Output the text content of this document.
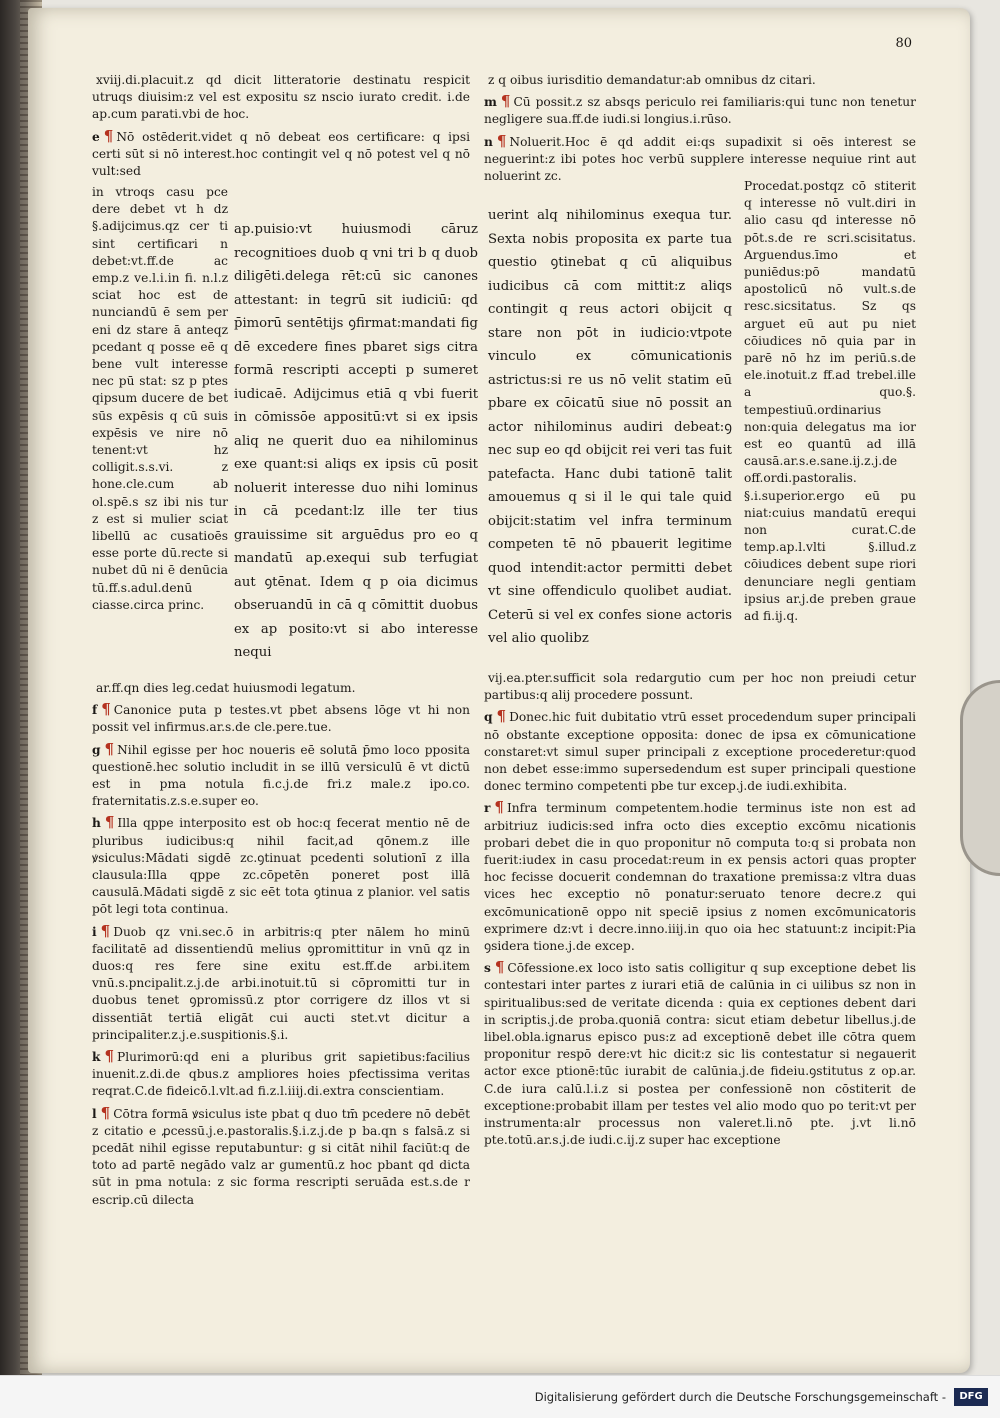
80

xviij.di.placuit.z qd dicit litteratorie destinatu respicit utruqs diuisim:z vel est expositu sz nscio iurato credit. i.de ap.cum parati.vbi de hoc.

e ¶ Nō ostēderit.videt q nō debeat eos certificare: q ipsi certi sūt si nō interest.hoc contingit vel q nō potest vel q nō vult:sed

z q oibus iurisditio demandatur:ab omnibus dz citari.

m ¶ Cū possit.z sz absqs periculo rei familiaris:qui tunc non tenetur negligere sua.ff.de iudi.si longius.i.rūso.

n ¶ Noluerit.Hoc ē qd addit ei:qs supadixit si oēs interest se neguerint:z ibi potes hoc verbū supplere interesse nequiue rint aut noluerint zc.

in vtroqs casu pce dere debet vt h dz §.adijcimus.qz cer ti sint certificari n debet:vt.ff.de ac emp.z ve.l.i.in fi. n.l.z sciat hoc est de nunciandū ē sem per eni dz stare ā anteqz pcedant q posse eē q bene vult interesse nec pū stat: sz p ptes qipsum ducere de bet sūs expēsis q cū suis expēsis ve nire nō tenent:vt hz colligit.s.s.vi. z hone.cle.cum ab ol.spē.s sz ibi nis tur z est si mulier sciat libellū ac cusatioēs esse porte dū.recte si nubet dū ni ē denūcia tū.ff.s.adul.denū ciasse.circa princ.
ap.puisio:vt huiusmodi cāruz recognitioes duob q vni tri b q duob diligēti.delega rēt:cū sic canones attestant: in tegrū sit iudiciū: qd p̄imorū sentētijs ꝯfirmat:mandati fig dē excedere fines pbaret sigs citra formā rescripti accepti p sumeret iudicaē. Adijcimus etiā q vbi fuerit in cōmissōe appositū:vt si ex ipsis aliq ne querit duo ea nihilominus exe quant:si aliqs ex ipsis cū posit noluerit interesse duo nihi lominus in cā pcedant:lz ille ter tius grauissime sit arguēdus pro eo q mandatū ap.exequi sub terfugiat aut ꝯtēnat. Idem q p oia dicimus obseruandū in cā q cōmittit duobus ex ap posito:vt si abo interesse nequi
uerint alq nihilominus exequa tur. Sexta nobis proposita ex parte tua questio ꝯtinebat q cū aliquibus iudicibus cā com mittit:z aliqs contingit q reus actori obijcit q stare non pōt in iudicio:vtpote vinculo ex cōmunicationis astrictus:si re us nō velit statim eū pbare ex cōicatū siue nō possit an actor nihilominus audiri debeat:ꝯ nec sup eo qd obijcit rei veri tas fuit patefacta. Hanc dubi tationē talit amouemus q si il le qui tale quid obijcit:statim vel infra terminum competen tē nō pbauerit legitime quod intendit:actor permitti debet vt sine offendiculo quolibet audiat. Ceterū si vel ex confes sione actoris vel alio quolibz
Procedat.postqz cō stiterit q interesse nō vult.diri in alio casu qd interesse nō pōt.s.de re scri.scisitatus. Arguendus.īmo et puniēdus:pō mandatū apostolicū nō vult.s.de resc.sicsitatus. Sz qs arguet eū aut pu niet cōiudices nō quia par in parē nō hz im periū.s.de ele.inotuit.z ff.ad trebel.ille a quo.§. tempestiuū.ordinarius non:quia delegatus ma ior est eo quantū ad illā causā.ar.s.e.sane.ij.z.j.de off.ordi.pastoralis. §.i.superior.ergo eū pu niat:cuius mandatū erequi non curat.C.de temp.ap.l.vlti §.illud.z cōiudices debent supe riori denunciare negli gentiam ipsius ar.j.de preben graue ad fi.ij.q.

ar.ff.qn dies leg.cedat huiusmodi legatum.

f ¶ Canonice puta p testes.vt pbet absens lōge vt hi non possit vel infirmus.ar.s.de cle.pere.tue.

g ¶ Nihil egisse per hoc noueris eē solutā p̄mo loco pposita questionē.hec solutio includit in se illū versiculū ē vt dictū est in pma notula fi.c.j.de fri.z male.z ipo.co. fraternitatis.z.s.e.super eo.

h ¶ Illa qppe interposito est ob hoc:q fecerat mentio nē de pluribus iudicibus:q nihil facit,ad qōnem.z ille ꝟsiculus:Mādati sigdē zc.ꝯtinuat pcedenti solutionī z illa clausula:Illa qppe zc.cōpetēn poneret post illā causulā.Mādati sigdē z sic eēt tota ꝯtinua z planior. vel satis pōt legi tota continua.

i ¶ Duob qz vni.sec.ō in arbitris:q pter nālem ho minū facilitatē ad dissentiendū melius ꝯpromittitur in vnū qz in duos:q res fere sine exitu est.ff.de arbi.item vnū.s.pncipalit.z.j.de arbi.inotuit.tū si cōpromitti tur in duobus tenet ꝯpromissū.z ptor corrigere dz illos vt si dissentiāt tertiā eligāt cui aucti stet.vt dicitur a principaliter.z.j.e.suspitionis.§.i.

k ¶ Plurimorū:qd eni a pluribus grit sapietibus:facilius inuenit.z.di.de qbus.z ampliores hoies pfectissima veritas reqrat.C.de fideicō.l.vlt.ad fi.z.l.iiij.di.extra conscientiam.

l ¶ Cōtra formā ꝟsiculus iste pbat q duo tm̄ pcedere nō debēt z citatio e ꝓcessū.j.e.pastoralis.§.i.z.j.de p ba.qn s falsā.z si pcedāt nihil egisse reputabuntur: g si citāt nihil faciūt:q de toto ad partē negādo valz ar gumentū.z hoc pbant qd dicta sūt in pma notula: z sic forma rescripti seruāda est.s.de r escrip.cū dilecta

vij.ea.pter.sufficit sola redargutio cum per hoc non preiudi cetur partibus:q alij procedere possunt.

q ¶ Donec.hic fuit dubitatio vtrū esset procedendum super principali nō obstante exceptione opposita: donec de ipsa ex cōmunicatione constaret:vt simul super principali z exceptione procederetur:quod non debet esse:immo supersedendum est super principali questione donec termino competenti pbe tur excep.j.de iudi.exhibita.

r ¶ Infra terminum competentem.hodie terminus iste non est ad arbitriuz iudicis:sed infra octo dies exceptio excōmu nicationis probari debet die in quo proponitur nō computa to:q si probata non fuerit:iudex in casu procedat:reum in ex pensis actori quas propter hoc fecisse docuerit condemnan do traxatione premissa:z vltra duas vices hec exceptio nō ponatur:seruato tenore decre.z qui excōmunicationē oppo nit speciē ipsius z nomen excōmunicatoris exprimere dz:vt i decre.inno.iiij.in quo oia hec statuunt:z incipit:Pia ꝯsidera tione.j.de excep.

s ¶ Cōfessione.ex loco isto satis colligitur q sup exceptione debet lis contestari inter partes z iurari etiā de calūnia in ci uilibus sz non in spiritualibus:sed de veritate dicenda : quia ex ceptiones debent dari in scriptis.j.de proba.quoniā contra: sicut etiam debetur libellus.j.de libel.obla.ignarus episco pus:z ad exceptionē debet ille cōtra quem proponitur respō dere:vt hic dicit:z sic lis contestatur si negauerit actor exce ptionē:tūc iurabit de calūnia.j.de fideiu.ꝯstitutus z op.ar. C.de iura calū.l.i.z si postea per confessionē non cōstiterit de exceptione:probabit illam per testes vel alio modo quo po terit:vt per instrumenta:alr processus non valeret.li.nō pte. j.vt li.nō pte.totū.ar.s.j.de iudi.c.ij.z super hac exceptione

Digitalisierung gefördert durch die Deutsche Forschungsgemeinschaft -	DFG
